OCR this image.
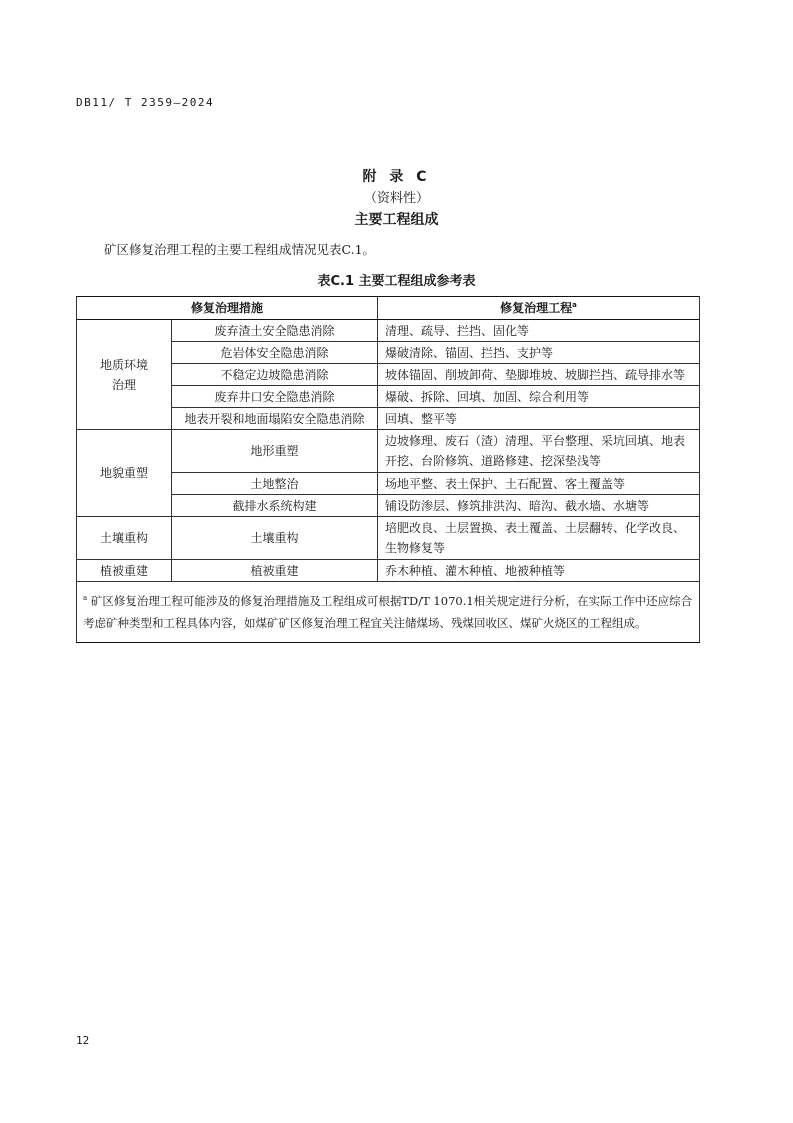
DB11/ T 2359—2024
附 录 C
（资料性）
主要工程组成
矿区修复治理工程的主要工程组成情况见表C.1。
表C.1 主要工程组成参考表
修复治理措施		修复治理工程$^a$
地质环境治理	废弃渣土安全隐患消除	清理、疏导、拦挡、固化等
	危岩体安全隐患消除	爆破清除、锚固、拦挡、支护等
	不稳定边坡隐患消除	坡体锚固、削坡卸荷、垫脚堆坡、坡脚拦挡、疏导排水等
	废弃井口安全隐患消除	爆破、拆除、回填、加固、综合利用等
	地表开裂和地面塌陷安全隐患消除	回填、整平等
地貌重塑	地形重塑	边坡修理、废石（渣）清理、平台整理、采坑回填、地表开挖、台阶修筑、道路修建、挖深垫浅等
	土地整治	场地平整、表土保护、土石配置、客土覆盖等
	截排水系统构建	铺设防渗层、修筑排洪沟、暗沟、截水墙、水塘等
土壤重构	土壤重构	培肥改良、土层置换、表土覆盖、土层翻转、化学改良、生物修复等
植被重建	植被重建	乔木种植、灌木种植、地被种植等
$^a$ 矿区修复治理工程可能涉及的修复治理措施及工程组成可根据TD/T 1070.1相关规定进行分析，在实际工作中还应综合考虑矿种类型和工程具体内容，如煤矿矿区修复治理工程宜关注储煤场、残煤回收区、煤矿火烧区的工程组成。		
12
